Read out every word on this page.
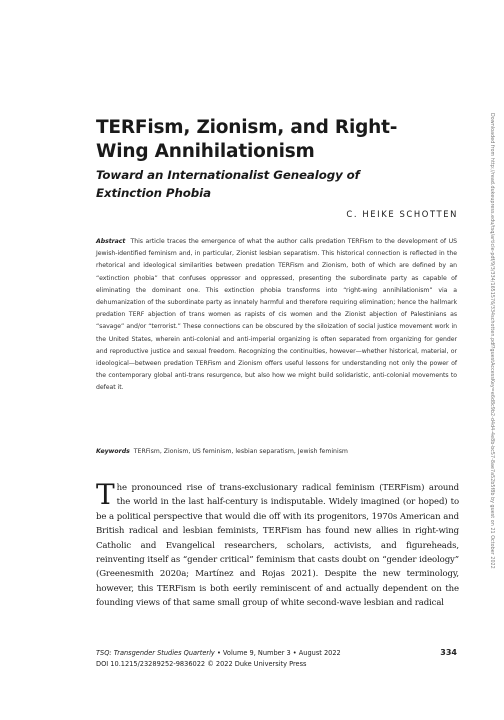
Downloaded from http://read.dukeupress.edu/tsq/article-pdf/9/3/334/1651576/334schotten.pdf?guestAccessKey=e6d8c9b2-d4d4-4e8b-bc57-8ae7a52b5f8b by guest on 21 October 2022
TERFism, Zionism, and Right-Wing Annihilationism
Toward an Internationalist Genealogy of Extinction Phobia
C. HEIKE SCHOTTEN

Abstract This article traces the emergence of what the author calls predation TERFism to the development of US Jewish-identified feminism and, in particular, Zionist lesbian separatism. This historical connection is reflected in the rhetorical and ideological similarities between predation TERFism and Zionism, both of which are defined by an “extinction phobia” that confuses oppressor and oppressed, presenting the subordinate party as capable of eliminating the dominant one. This extinction phobia transforms into “right-wing annihilationism” via a dehumanization of the subordinate party as innately harmful and therefore requiring elimination; hence the hallmark predation TERF abjection of trans women as rapists of cis women and the Zionist abjection of Palestinians as “savage” and/or “terrorist.” These connections can be obscured by the siloization of social justice movement work in the United States, wherein anti-colonial and anti-imperial organizing is often separated from organizing for gender and reproductive justice and sexual freedom. Recognizing the continuities, however—whether historical, material, or ideological—between predation TERFism and Zionism offers useful lessons for understanding not only the power of the contemporary global anti-trans resurgence, but also how we might build solidaristic, anti-colonial movements to defeat it.

Keywords TERFism, Zionism, US feminism, lesbian separatism, Jewish feminism

The pronounced rise of trans-exclusionary radical feminism (TERFism) around the world in the last half-century is indisputable. Widely imagined (or hoped) to be a political perspective that would die off with its progenitors, 1970s American and British radical and lesbian feminists, TERFism has found new allies in right-wing Catholic and Evangelical researchers, scholars, activists, and figureheads, reinventing itself as “gender critical” feminism that casts doubt on “gender ideology” (Greenesmith 2020a; Martínez and Rojas 2021). Despite the new terminology, however, this TERFism is both eerily reminiscent of and actually dependent on the founding views of that same small group of white second-wave lesbian and radical

TSQ: Transgender Studies Quarterly • Volume 9, Number 3 • August 2022
DOI 10.1215/23289252-9836022 © 2022 Duke University Press
334
